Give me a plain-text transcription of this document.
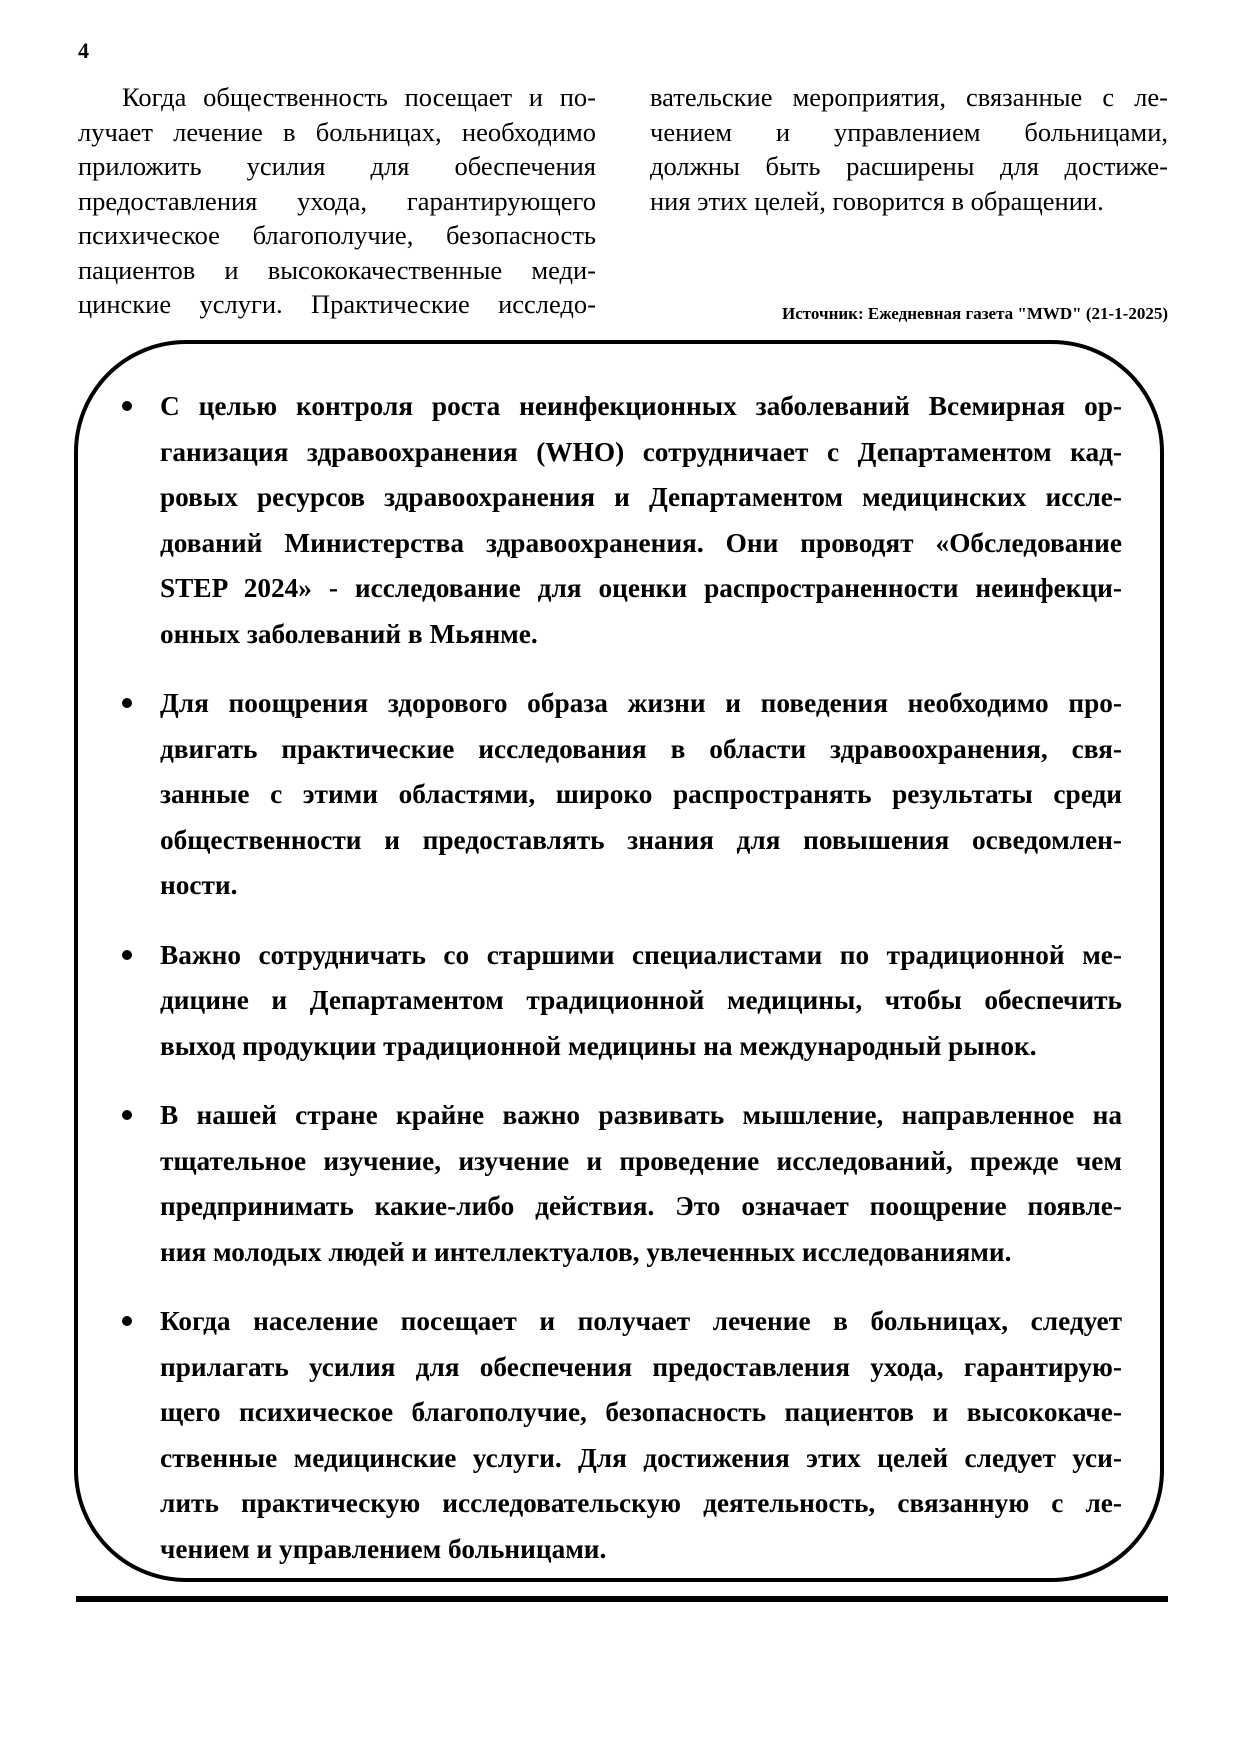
4
Когда общественность посещает и по-
лучает лечение в больницах, необходимо
приложить усилия для обеспечения
предоставления ухода, гарантирующего
психическое благополучие, безопасность
пациентов и высококачественные меди-
цинские услуги. Практические исследо-
вательские мероприятия, связанные с ле-
чением и управлением больницами,
должны быть расширены для достиже-
ния этих целей, говорится в обращении.
Источник: Ежедневная газета "MWD" (21-1-2025)
С целью контроля роста неинфекционных заболеваний Всемирная ор-
ганизация здравоохранения (WHO) сотрудничает с Департаментом кад-
ровых ресурсов здравоохранения и Департаментом медицинских иссле-
дований Министерства здравоохранения. Они проводят «Обследование
STEP 2024» - исследование для оценки распространенности неинфекци-
онных заболеваний в Мьянме.
Для поощрения здорового образа жизни и поведения необходимо про-
двигать практические исследования в области здравоохранения, свя-
занные с этими областями, широко распространять результаты среди
общественности и предоставлять знания для повышения осведомлен-
ности.
Важно сотрудничать со старшими специалистами по традиционной ме-
дицине и Департаментом традиционной медицины, чтобы обеспечить
выход продукции традиционной медицины на международный рынок.
В нашей стране крайне важно развивать мышление, направленное на
тщательное изучение, изучение и проведение исследований, прежде чем
предпринимать какие-либо действия. Это означает поощрение появле-
ния молодых людей и интеллектуалов, увлеченных исследованиями.
Когда население посещает и получает лечение в больницах, следует
прилагать усилия для обеспечения предоставления ухода, гарантирую-
щего психическое благополучие, безопасность пациентов и высококаче-
ственные медицинские услуги. Для достижения этих целей следует уси-
лить практическую исследовательскую деятельность, связанную с ле-
чением и управлением больницами.
